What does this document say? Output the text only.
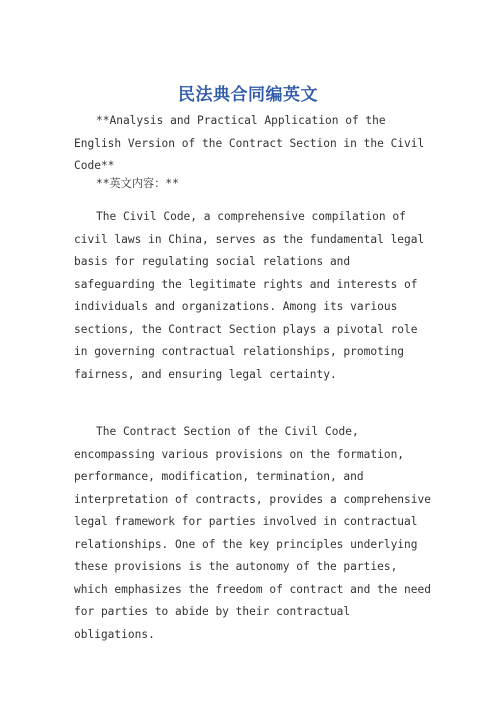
民法典合同编英文

**Analysis and Practical Application of the English Version of the Contract Section in the Civil Code**

**英文内容：**

The Civil Code, a comprehensive compilation of civil laws in China, serves as the fundamental legal basis for regulating social relations and safeguarding the legitimate rights and interests of individuals and organizations. Among its various sections, the Contract Section plays a pivotal role in governing contractual relationships, promoting fairness, and ensuring legal certainty.

The Contract Section of the Civil Code, encompassing various provisions on the formation, performance, modification, termination, and interpretation of contracts, provides a comprehensive legal framework for parties involved in contractual relationships. One of the key principles underlying these provisions is the autonomy of the parties, which emphasizes the freedom of contract and the need for parties to abide by their contractual obligations.
